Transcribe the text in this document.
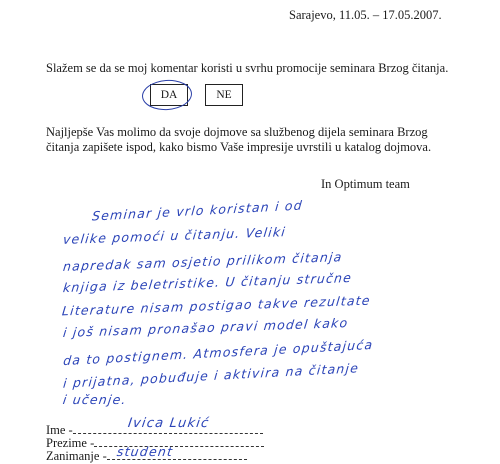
Sarajevo, 11.05. – 17.05.2007.
Slažem se da se moj komentar koristi u svrhu promocije seminara Brzog čitanja.
DA	NE
Najljepše Vas molimo da svoje dojmove sa službenog dijela seminara Brzog
čitanja zapišete ispod, kako bismo Vaše impresije uvrstili u katalog dojmova.
In Optimum team
Seminar je vrlo koristan i od
velike pomoći u čitanju. Veliki
napredak sam osjetio prilikom čitanja
knjiga iz beletristike. U čitanju stručne
Literature nisam postigao takve rezultate
i još nisam pronašao pravi model kako
da to postignem. Atmosfera je opuštajuća
i prijatna, pobuđuje i aktivira na čitanje
i učenje.
Ime -	Ivica Lukić
Prezime -
Zanimanje - student
